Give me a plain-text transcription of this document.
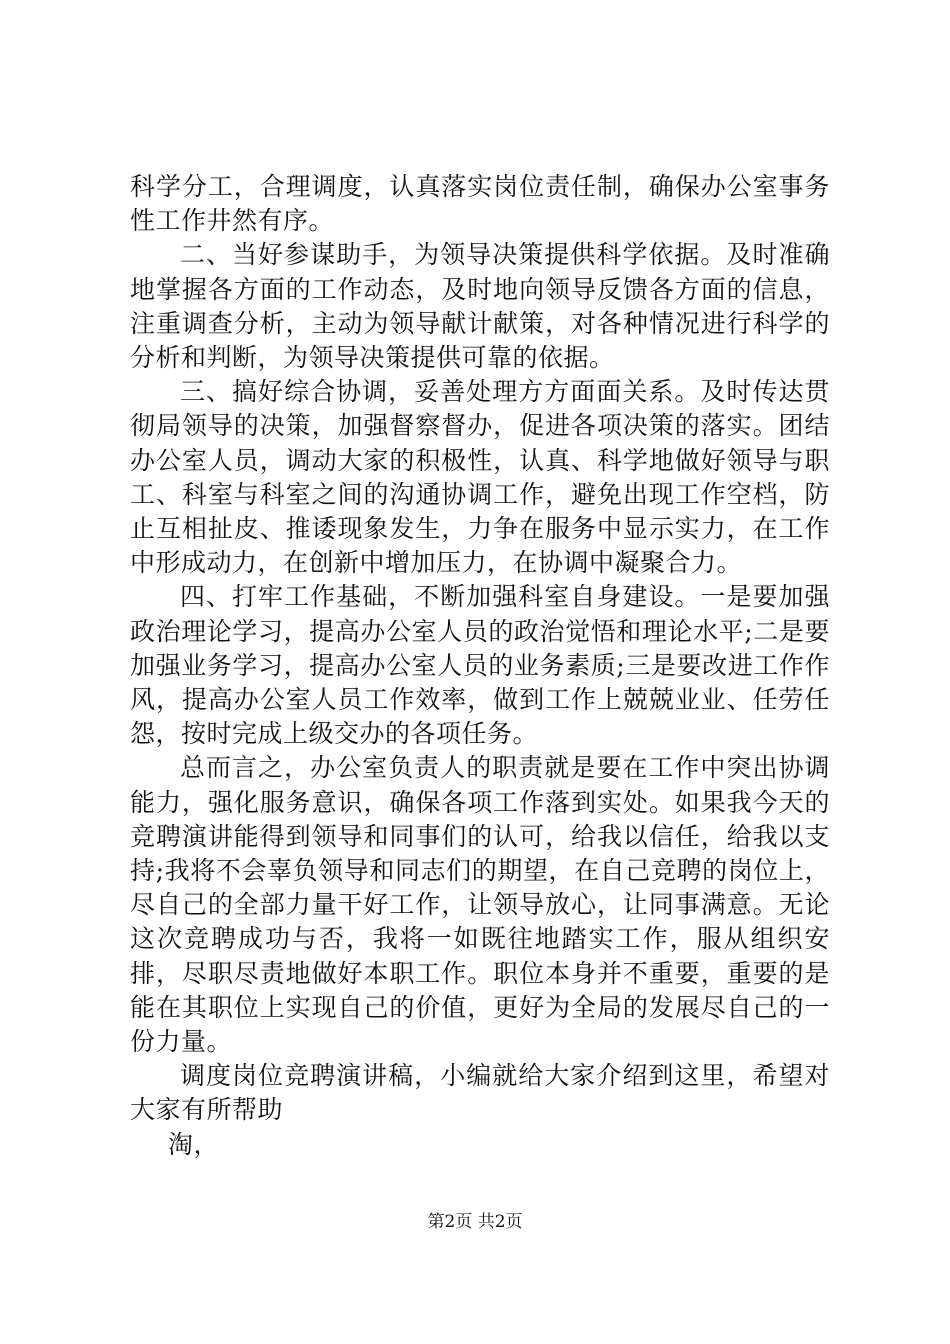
科学分工，合理调度，认真落实岗位责任制，确保办公室事务性工作井然有序。

二、当好参谋助手，为领导决策提供科学依据。及时准确地掌握各方面的工作动态，及时地向领导反馈各方面的信息，注重调查分析，主动为领导献计献策，对各种情况进行科学的分析和判断，为领导决策提供可靠的依据。

三、搞好综合协调，妥善处理方方面面关系。及时传达贯彻局领导的决策，加强督察督办，促进各项决策的落实。团结办公室人员，调动大家的积极性，认真、科学地做好领导与职工、科室与科室之间的沟通协调工作，避免出现工作空档，防止互相扯皮、推诿现象发生，力争在服务中显示实力，在工作中形成动力，在创新中增加压力，在协调中凝聚合力。

四、打牢工作基础，不断加强科室自身建设。一是要加强政治理论学习，提高办公室人员的政治觉悟和理论水平;二是要加强业务学习，提高办公室人员的业务素质;三是要改进工作作风，提高办公室人员工作效率，做到工作上兢兢业业、任劳任怨，按时完成上级交办的各项任务。

总而言之，办公室负责人的职责就是要在工作中突出协调能力，强化服务意识，确保各项工作落到实处。如果我今天的竞聘演讲能得到领导和同事们的认可，给我以信任，给我以支持;我将不会辜负领导和同志们的期望，在自己竞聘的岗位上，尽自己的全部力量干好工作，让领导放心，让同事满意。无论这次竞聘成功与否，我将一如既往地踏实工作，服从组织安排，尽职尽责地做好本职工作。职位本身并不重要，重要的是能在其职位上实现自己的价值，更好为全局的发展尽自己的一份力量。

调度岗位竞聘演讲稿，小编就给大家介绍到这里，希望对大家有所帮助

淘，

第2页 共2页
